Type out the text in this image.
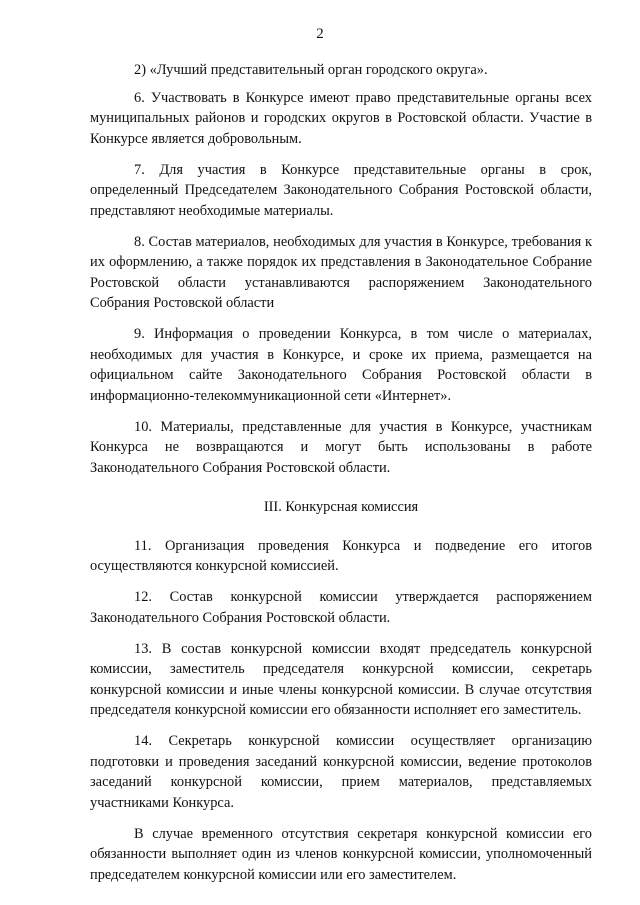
2

2) «Лучший представительный орган городского округа».

6. Участвовать в Конкурсе имеют право представительные органы всех муниципальных районов и городских округов в Ростовской области. Участие в Конкурсе является добровольным.

7. Для участия в Конкурсе представительные органы в срок, определенный Председателем Законодательного Собрания Ростовской области, представляют необходимые материалы.

8. Состав материалов, необходимых для участия в Конкурсе, требования к их оформлению, а также порядок их представления в Законодательное Собрание Ростовской области устанавливаются распоряжением Законодательного Собрания Ростовской области

9. Информация о проведении Конкурса, в том числе о материалах, необходимых для участия в Конкурсе, и сроке их приема, размещается на официальном сайте Законодательного Собрания Ростовской области в информационно-телекоммуникационной сети «Интернет».

10. Материалы, представленные для участия в Конкурсе, участникам Конкурса не возвращаются и могут быть использованы в работе Законодательного Собрания Ростовской области.

III. Конкурсная комиссия

11. Организация проведения Конкурса и подведение его итогов осуществляются конкурсной комиссией.

12. Состав конкурсной комиссии утверждается распоряжением Законодательного Собрания Ростовской области.

13. В состав конкурсной комиссии входят председатель конкурсной комиссии, заместитель председателя конкурсной комиссии, секретарь конкурсной комиссии и иные члены конкурсной комиссии. В случае отсутствия председателя конкурсной комиссии его обязанности исполняет его заместитель.

14. Секретарь конкурсной комиссии осуществляет организацию подготовки и проведения заседаний конкурсной комиссии, ведение протоколов заседаний конкурсной комиссии, прием материалов, представляемых участниками Конкурса.

В случае временного отсутствия секретаря конкурсной комиссии его обязанности выполняет один из членов конкурсной комиссии, уполномоченный председателем конкурсной комиссии или его заместителем.
